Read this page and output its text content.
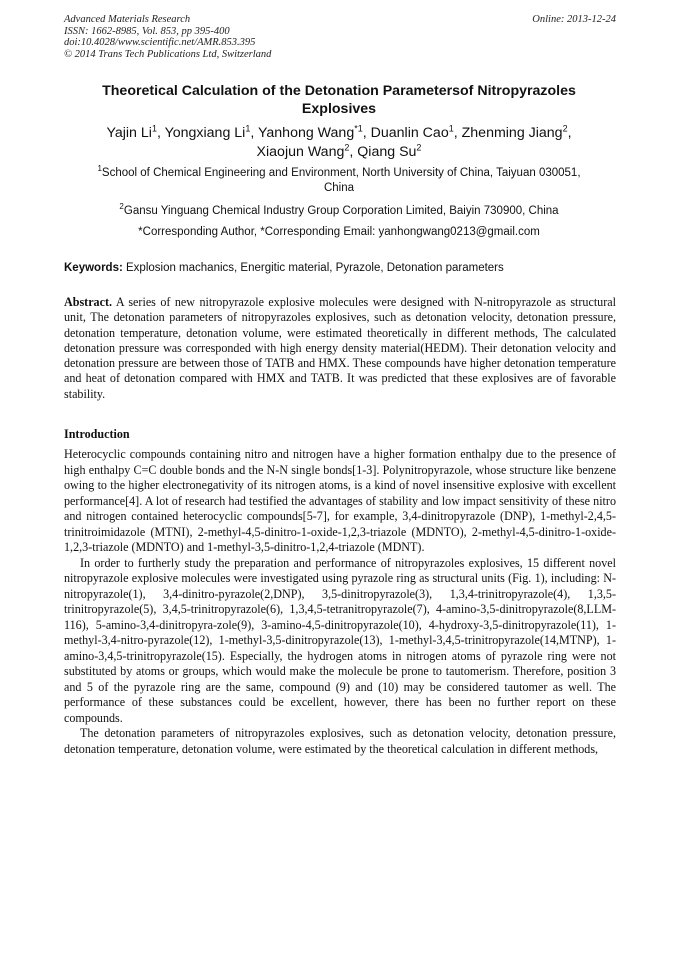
Advanced Materials Research
ISSN: 1662-8985, Vol. 853, pp 395-400
doi:10.4028/www.scientific.net/AMR.853.395
© 2014 Trans Tech Publications Ltd, Switzerland
Online: 2013-12-24
Theoretical Calculation of the Detonation Parametersof Nitropyrazoles
Explosives
Yajin Li$^1$, Yongxiang Li$^1$, Yanhong Wang$^{*1}$, Duanlin Cao$^1$, Zhenming Jiang$^2$,
Xiaojun Wang$^2$, Qiang Su$^2$
$^1$School of Chemical Engineering and Environment, North University of China, Taiyuan 030051,
China
$^2$Gansu Yinguang Chemical Industry Group Corporation Limited, Baiyin 730900, China
*Corresponding Author, *Corresponding Email: yanhongwang0213@gmail.com
Keywords: Explosion machanics, Energitic material, Pyrazole, Detonation parameters
Abstract. A series of new nitropyrazole explosive molecules were designed with N-nitropyrazole as structural unit, The detonation parameters of nitropyrazoles explosives, such as detonation velocity, detonation pressure, detonation temperature, detonation volume, were estimated theoretically in different methods, The calculated detonation pressure was corresponded with high energy density material(HEDM). Their detonation velocity and detonation pressure are between those of TATB and HMX. These compounds have higher detonation temperature and heat of detonation compared with HMX and TATB. It was predicted that these explosives are of favorable stability.
Introduction

Heterocyclic compounds containing nitro and nitrogen have a higher formation enthalpy due to the presence of high enthalpy C=C double bonds and the N-N single bonds[1-3]. Polynitropyrazole, whose structure like benzene owing to the higher electronegativity of its nitrogen atoms, is a kind of novel insensitive explosive with excellent performance[4]. A lot of research had testified the advantages of stability and low impact sensitivity of these nitro and nitrogen contained heterocyclic compounds[5-7], for example, 3,4-dinitropyrazole (DNP), 1-methyl-2,4,5-trinitroimidazole (MTNI), 2-methyl-4,5-dinitro-1-oxide-1,2,3-triazole (MDNTO), 2-methyl-4,5-dinitro-1-oxide-1,2,3-triazole (MDNTO) and 1-methyl-3,5-dinitro-1,2,4-triazole (MDNT).

In order to furtherly study the preparation and performance of nitropyrazoles explosives, 15 different novel nitropyrazole explosive molecules were investigated using pyrazole ring as structural units (Fig. 1), including: N-nitropyrazole(1), 3,4-dinitro-pyrazole(2,DNP), 3,5-dinitropyrazole(3), 1,3,4-trinitropyrazole(4), 1,3,5-trinitropyrazole(5), 3,4,5-trinitropyrazole(6), 1,3,4,5-tetranitropyrazole(7), 4-amino-3,5-dinitropyrazole(8,LLM-116), 5-amino-3,4-dinitropyra-zole(9), 3-amino-4,5-dinitropyrazole(10), 4-hydroxy-3,5-dinitropyrazole(11), 1-methyl-3,4-nitro-pyrazole(12), 1-methyl-3,5-dinitropyrazole(13), 1-methyl-3,4,5-trinitropyrazole(14,MTNP), 1-amino-3,4,5-trinitropyrazole(15). Especially, the hydrogen atoms in nitrogen atoms of pyrazole ring were not substituted by atoms or groups, which would make the molecule be prone to tautomerism. Therefore, position 3 and 5 of the pyrazole ring are the same, compound (9) and (10) may be considered tautomer as well. The performance of these substances could be excellent, however, there has been no further report on these compounds.

The detonation parameters of nitropyrazoles explosives, such as detonation velocity, detonation pressure, detonation temperature, detonation volume, were estimated by the theoretical calculation in different methods,
